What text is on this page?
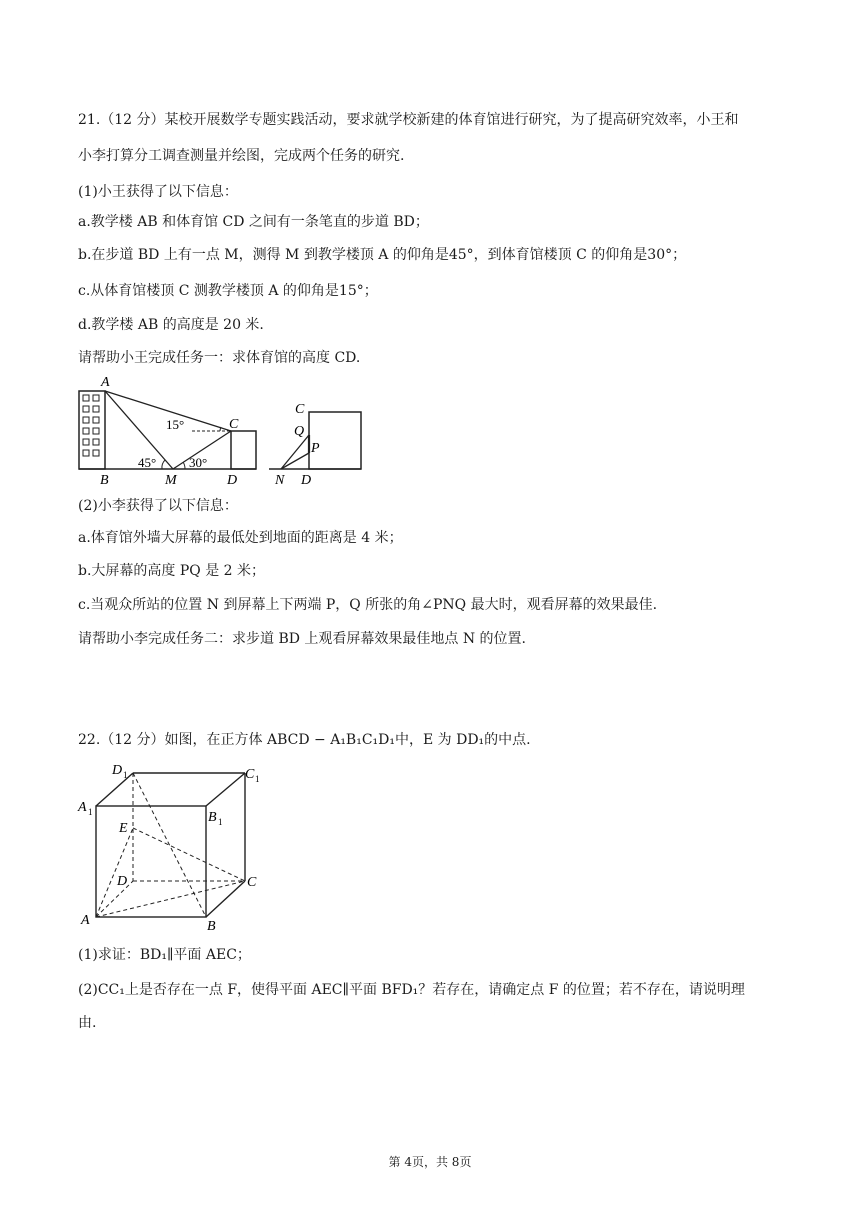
21.（12 分）某校开展数学专题实践活动，要求就学校新建的体育馆进行研究，为了提高研究效率，小王和
小李打算分工调查测量并绘图，完成两个任务的研究.
(1)小王获得了以下信息：
a.教学楼 AB 和体育馆 CD 之间有一条笔直的步道 BD；
b.在步道 BD 上有一点 M，测得 M 到教学楼顶 A 的仰角是45°，到体育馆楼顶 C 的仰角是30°；
c.从体育馆楼顶 C 测教学楼顶 A 的仰角是15°；
d.教学楼 AB 的高度是 20 米.
请帮助小王完成任务一：求体育馆的高度 CD.
A
B	M	D
C
15°
45°	30°
C
Q
P
N D
(2)小李获得了以下信息：
a.体育馆外墙大屏幕的最低处到地面的距离是 4 米；
b.大屏幕的高度 PQ 是 2 米；
c.当观众所站的位置 N 到屏幕上下两端 P，Q 所张的角∠PNQ 最大时，观看屏幕的效果最佳.
请帮助小李完成任务二：求步道 BD 上观看屏幕效果最佳地点 N 的位置.
22.（12 分）如图，在正方体 ABCD − A₁B₁C₁D₁中，E 为 DD₁的中点.
D 1	C 1
A 1	B 1
E
D	C
A	B
(1)求证：BD₁∥平面 AEC；
(2)CC₁上是否存在一点 F，使得平面 AEC∥平面 BFD₁？若存在，请确定点 F 的位置；若不存在，请说明理
由.
第 4页，共 8页
